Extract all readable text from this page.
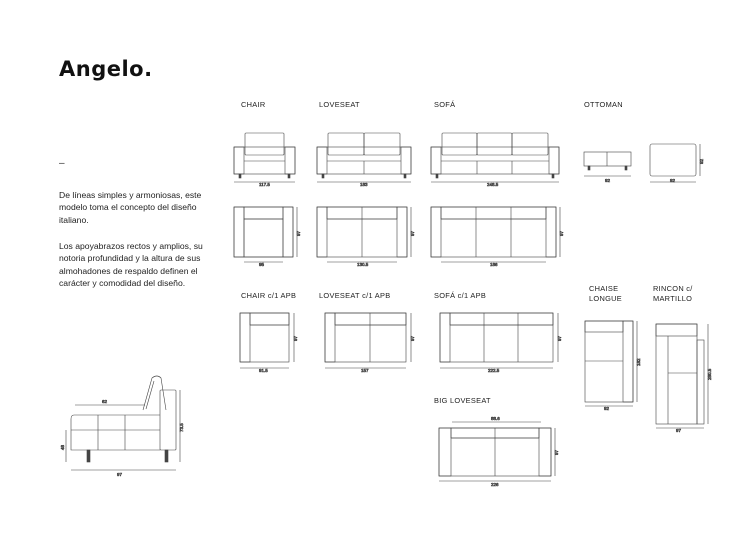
Angelo.
–
De líneas simples y armoniosas, este modelo toma el concepto del diseño italiano.
Los apoyabrazos rectos y amplios, su notoria profundidad y la altura de sus almohadones de respaldo definen el carácter y comodidad del diseño.
CHAIR	LOVESEAT	SOFÁ	OTTOMAN
CHAIR c/1 APB	LOVESEAT c/1 APB	SOFÁ c/1 APB
CHAISE
LONGUE
RINCON c/
MARTILLO
BIG LOVESEAT
117.5	183	248.5
92	92
92
95
97
130.5
97
186
97
91.5
97
157
97
222.5
97
92
182
97
280.5
88.6
226
97
62
97
73.5
48
